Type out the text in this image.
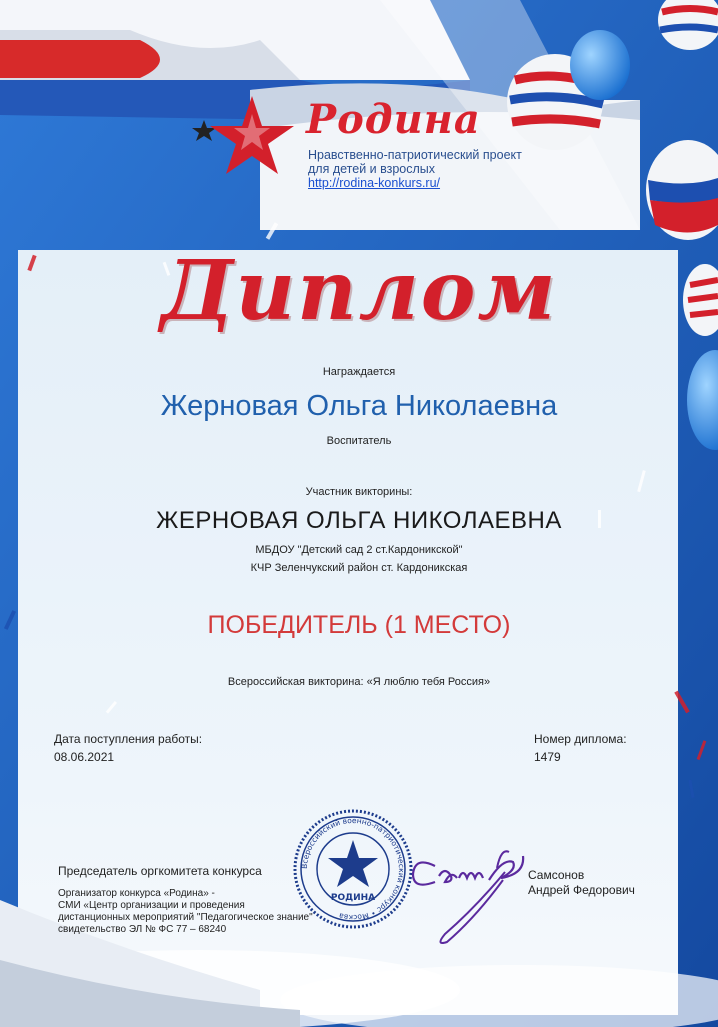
Родина
Нравственно-патриотический проект
для детей и взрослых
http://rodina-konkurs.ru/
Диплом
Награждается
Жерновая Ольга Николаевна
Воспитатель
Участник викторины:
ЖЕРНОВАЯ ОЛЬГА НИКОЛАЕВНА
МБДОУ "Детский сад 2 ст.Кардоникской"
КЧР Зеленчукский район ст. Кардоникская
ПОБЕДИТЕЛЬ (1 МЕСТО)
Всероссийская викторина: «Я люблю тебя Россия»
Дата поступления работы:
08.06.2021
Номер диплома:
1479
Председатель оргкомитета конкурса
Организатор конкурса «Родина» -
СМИ «Центр организации и проведения
дистанционных мероприятий "Педагогическое знание"
свидетельство ЭЛ № ФС 77 – 68240
Всероссийский военно-патриотический конкурс • Москва
РОДИНА
Самсонов
Андрей Федорович
